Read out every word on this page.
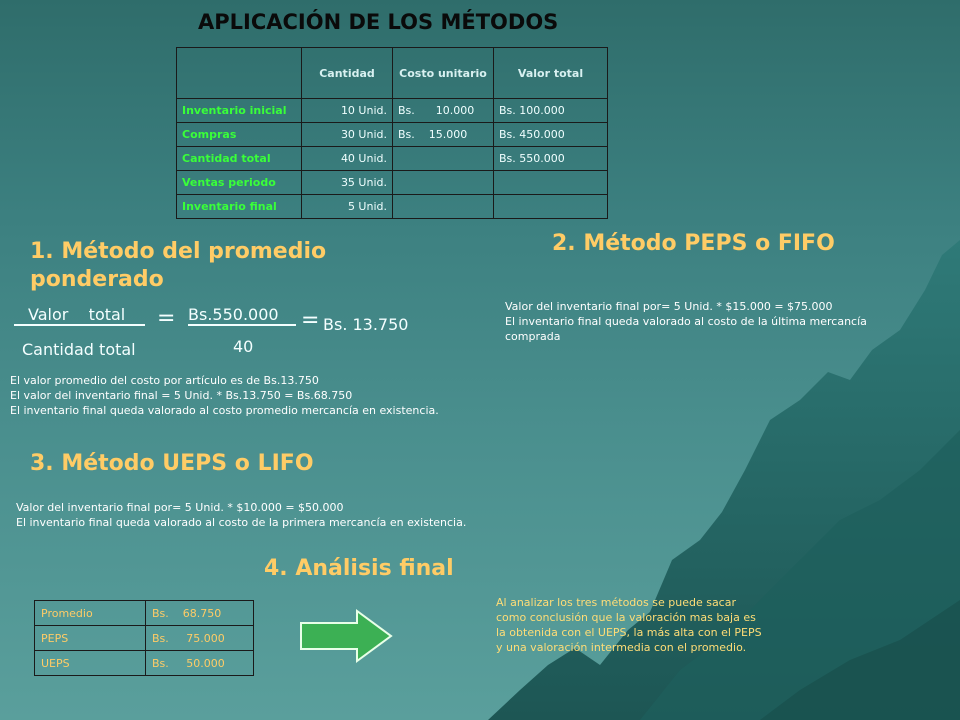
APLICACIÓN DE LOS MÉTODOS
	Cantidad	Costo unitario	Valor total
Inventario inicial	10 Unid.	Bs.      10.000	Bs. 100.000
Compras	30 Unid.	Bs.    15.000	Bs. 450.000
Cantidad total	40 Unid.		Bs. 550.000
Ventas periodo	35 Unid.		
Inventario final	5 Unid.		
1. Método del promedio
ponderado
Valor    total
Cantidad total
= Bs.550.000
40
= Bs. 13.750
El valor promedio del costo por artículo es de Bs.13.750
El valor del inventario final = 5 Unid. * Bs.13.750 = Bs.68.750
El inventario final queda valorado al costo promedio mercancía en existencia.
2. Método PEPS o FIFO
Valor del inventario final por= 5 Unid. * $15.000 = $75.000
El inventario final queda valorado al costo de la última mercancía
comprada
3. Método UEPS o LIFO
Valor del inventario final por= 5 Unid. * $10.000 = $50.000
El inventario final queda valorado al costo de la primera mercancía en existencia.
4. Análisis final
Promedio	Bs.    68.750
PEPS	Bs.     75.000
UEPS	Bs.     50.000
Al analizar los tres métodos se puede sacar como conclusión que la valoración mas baja es la obtenida con el UEPS, la más alta con el PEPS y una valoración intermedia con el promedio.
